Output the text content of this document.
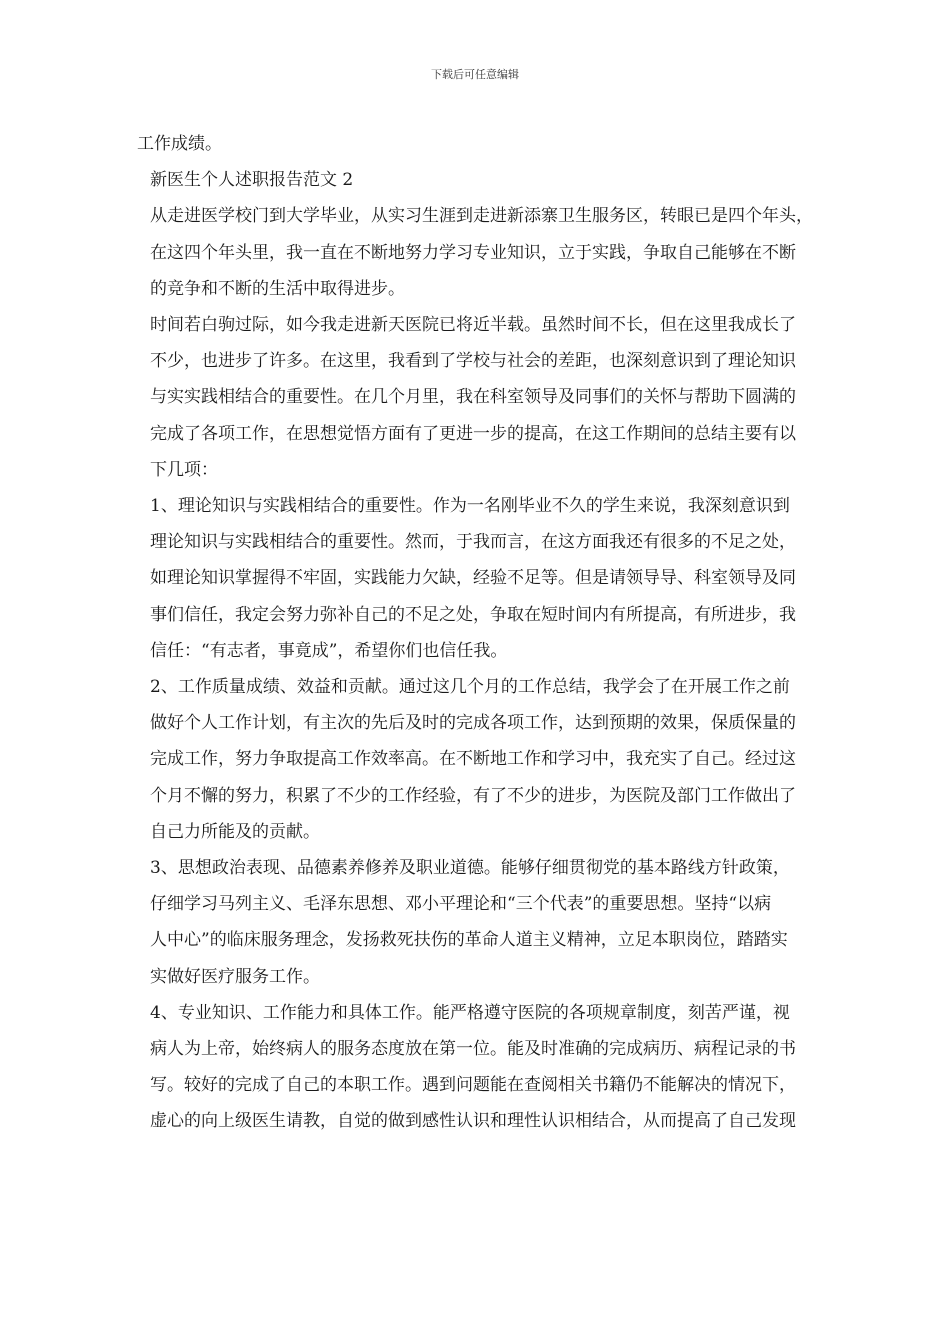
下载后可任意编辑

工作成绩。

新医生个人述职报告范文 2

从走进医学校门到大学毕业，从实习生涯到走进新添寨卫生服务区，转眼已是四个年头，
在这四个年头里，我一直在不断地努力学习专业知识，立于实践，争取自己能够在不断
的竞争和不断的生活中取得进步。

时间若白驹过际，如今我走进新天医院已将近半载。虽然时间不长，但在这里我成长了
不少，也进步了许多。在这里，我看到了学校与社会的差距，也深刻意识到了理论知识
与实实践相结合的重要性。在几个月里，我在科室领导及同事们的关怀与帮助下圆满的
完成了各项工作，在思想觉悟方面有了更进一步的提高，在这工作期间的总结主要有以
下几项：

1、理论知识与实践相结合的重要性。作为一名刚毕业不久的学生来说，我深刻意识到
理论知识与实践相结合的重要性。然而，于我而言，在这方面我还有很多的不足之处，
如理论知识掌握得不牢固，实践能力欠缺，经验不足等。但是请领导导、科室领导及同
事们信任，我定会努力弥补自己的不足之处，争取在短时间内有所提高，有所进步，我
信任：“有志者，事竟成”，希望你们也信任我。

2、工作质量成绩、效益和贡献。通过这几个月的工作总结，我学会了在开展工作之前
做好个人工作计划，有主次的先后及时的完成各项工作，达到预期的效果，保质保量的
完成工作，努力争取提高工作效率高。在不断地工作和学习中，我充实了自己。经过这
个月不懈的努力，积累了不少的工作经验，有了不少的进步，为医院及部门工作做出了
自己力所能及的贡献。

3、思想政治表现、品德素养修养及职业道德。能够仔细贯彻党的基本路线方针政策，
仔细学习马列主义、毛泽东思想、邓小平理论和“三个代表”的重要思想。坚持“以病
人中心”的临床服务理念，发扬救死扶伤的革命人道主义精神，立足本职岗位，踏踏实
实做好医疗服务工作。

4、专业知识、工作能力和具体工作。能严格遵守医院的各项规章制度，刻苦严谨，视
病人为上帝，始终病人的服务态度放在第一位。能及时准确的完成病历、病程记录的书
写。较好的完成了自己的本职工作。遇到问题能在查阅相关书籍仍不能解决的情况下，
虚心的向上级医生请教，自觉的做到感性认识和理性认识相结合，从而提高了自己发现
